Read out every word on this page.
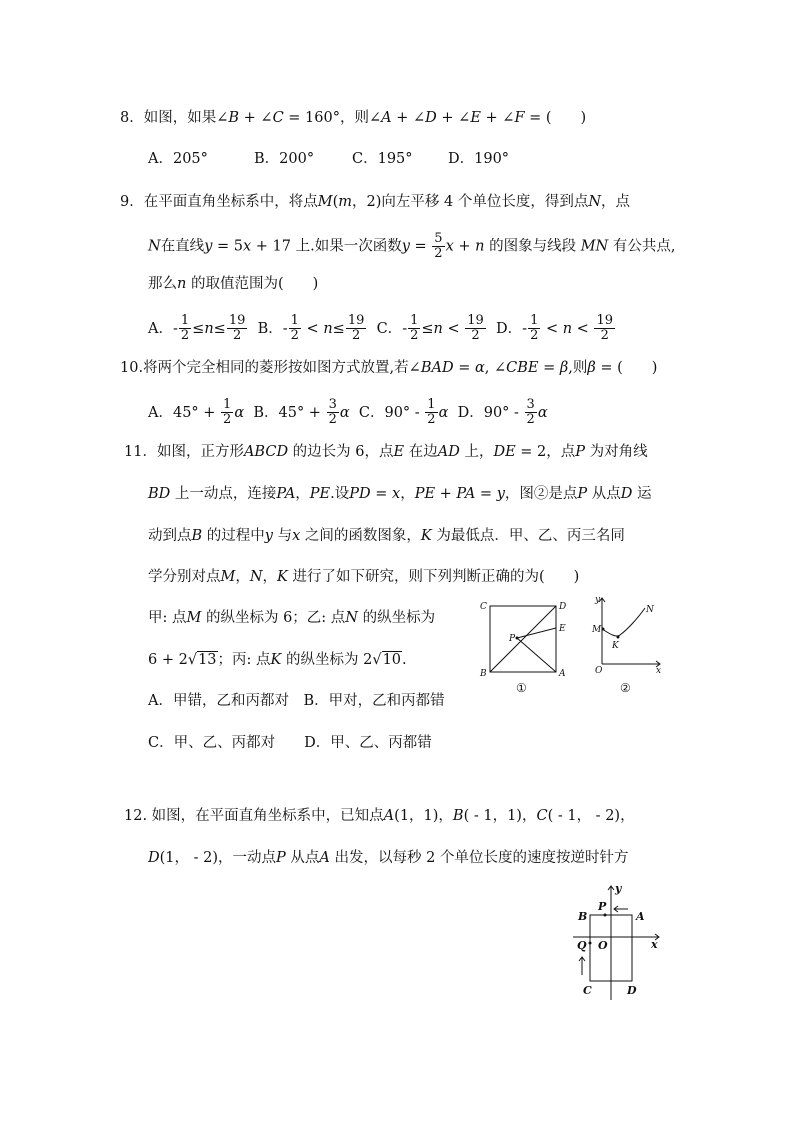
8．如图，如果∠B + ∠C = 160°，则∠A + ∠D + ∠E + ∠F = (　　)
A．205°	B．200°	C．195° D．190°
9．在平面直角坐标系中，将点M(m，2)向左平移 4 个单位长度，得到点N，点
N在直线y = 5x + 17 上.如果一次函数$y = \frac{5}{2}$ x + n 的图象与线段 MN 有公共点,
那么n 的取值范围为(　　)
A．- $\frac{1}{2} \le n\le \frac{19}{2}$ B．- $\frac{1}{2} < n\le \frac{19}{2}$ C．- $\frac{1}{2} \le n < \frac{19}{2}$ D．- $\frac{1}{2} < n < \frac{19}{2}$
10.将两个完全相同的菱形按如图方式放置,若∠BAD = α, ∠CBE = β,则β = (　　)
A．$45^\circ + \frac{1}{2}$ α B．$45^\circ + \frac{3}{2}$ α C．$90^\circ - \frac{1}{2}$ α D．$90^\circ - \frac{3}{2}$ α
11．如图，正方形ABCD 的边长为 6，点E 在边AD 上，DE = 2，点P 为对角线
BD 上一动点，连接PA，PE.设PD = x，PE + PA = y，图②是点P 从点D 运
动到点B 的过程中y 与x 之间的函数图象，K 为最低点．甲、乙、丙三名同
学分别对点M，N，K 进行了如下研究，则下列判断正确的为(　　)
甲: 点M 的纵坐标为 6；乙: 点N 的纵坐标为
6 + 2√13；丙: 点K 的纵坐标为 2√10.
A．甲错，乙和丙都对　B．甲对，乙和丙都错
C．甲、乙、丙都对　　D．甲、乙、丙都错
C	D
E
P
B	A
①
y
N
M
K
O	x
②
12. 如图，在平面直角坐标系中，已知点A(1，1)，B( - 1，1)，C( - 1， - 2)，
D(1， - 2)，一动点P 从点A 出发，以每秒 2 个单位长度的速度按逆时针方
y
P
B	A
Q O	x
C	D
